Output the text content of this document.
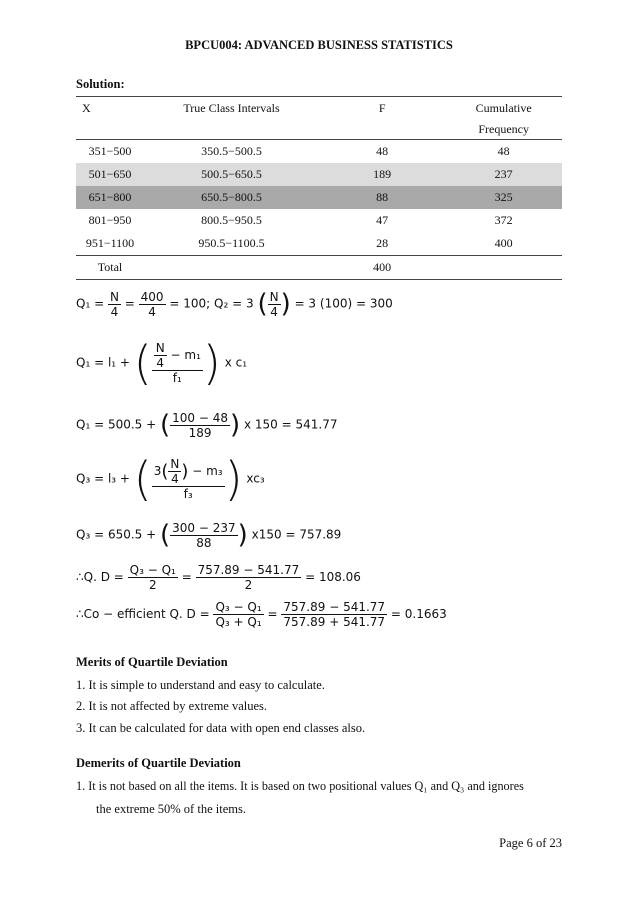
BPCU004: ADVANCED BUSINESS STATISTICS
Solution:
X	True Class Intervals	F	Cumulative
			Frequency
351−500	350.5−500.5	48	48
501−650	500.5−650.5	189	237
651−800	650.5−800.5	88	325
801−950	800.5−950.5	47	372
951−1100	950.5−1100.5	28	400
Total		400	
$Q_1 = \frac{N}{4} = \frac{400}{4} = 100$; Q₂ = 3 ( $\frac{N}{4}$ ) = 3 (100) = 300
Q₁ = l₁ + ( $\frac{\frac{N}{4} - m_1}{\text{f₁}}$ ) x c₁
Q₁ = 500.5 + ( $\frac{100 - 48}{189}$ ) x 150 = 541.77
Q₃ = l₃ + ( $\frac{3( \frac{N}{4} ) - m_3}{\text{f₃}}$ ) xc₃
Q₃ = 650.5 + ( $\frac{300 - 237}{88}$ ) x150 = 757.89
∴Q. $D = \frac{\text{Q₃ − Q₁}}{2} = \frac{757.89 - 541.77}{2} = 108.06$
∴Co − efficient Q. $D = \frac{\text{Q₃ − Q₁}}{\text{Q₃ + Q₁}} = \frac{757.89 - 541.77}{757.89 + 541.77} = 0.1663$
Merits of Quartile Deviation
1. It is simple to understand and easy to calculate.
2. It is not affected by extreme values.
3. It can be calculated for data with open end classes also.
Demerits of Quartile Deviation
1. It is not based on all the items. It is based on two positional values Q₁ and Q₃ and ignores
the extreme 50% of the items.
Page 6 of 23
